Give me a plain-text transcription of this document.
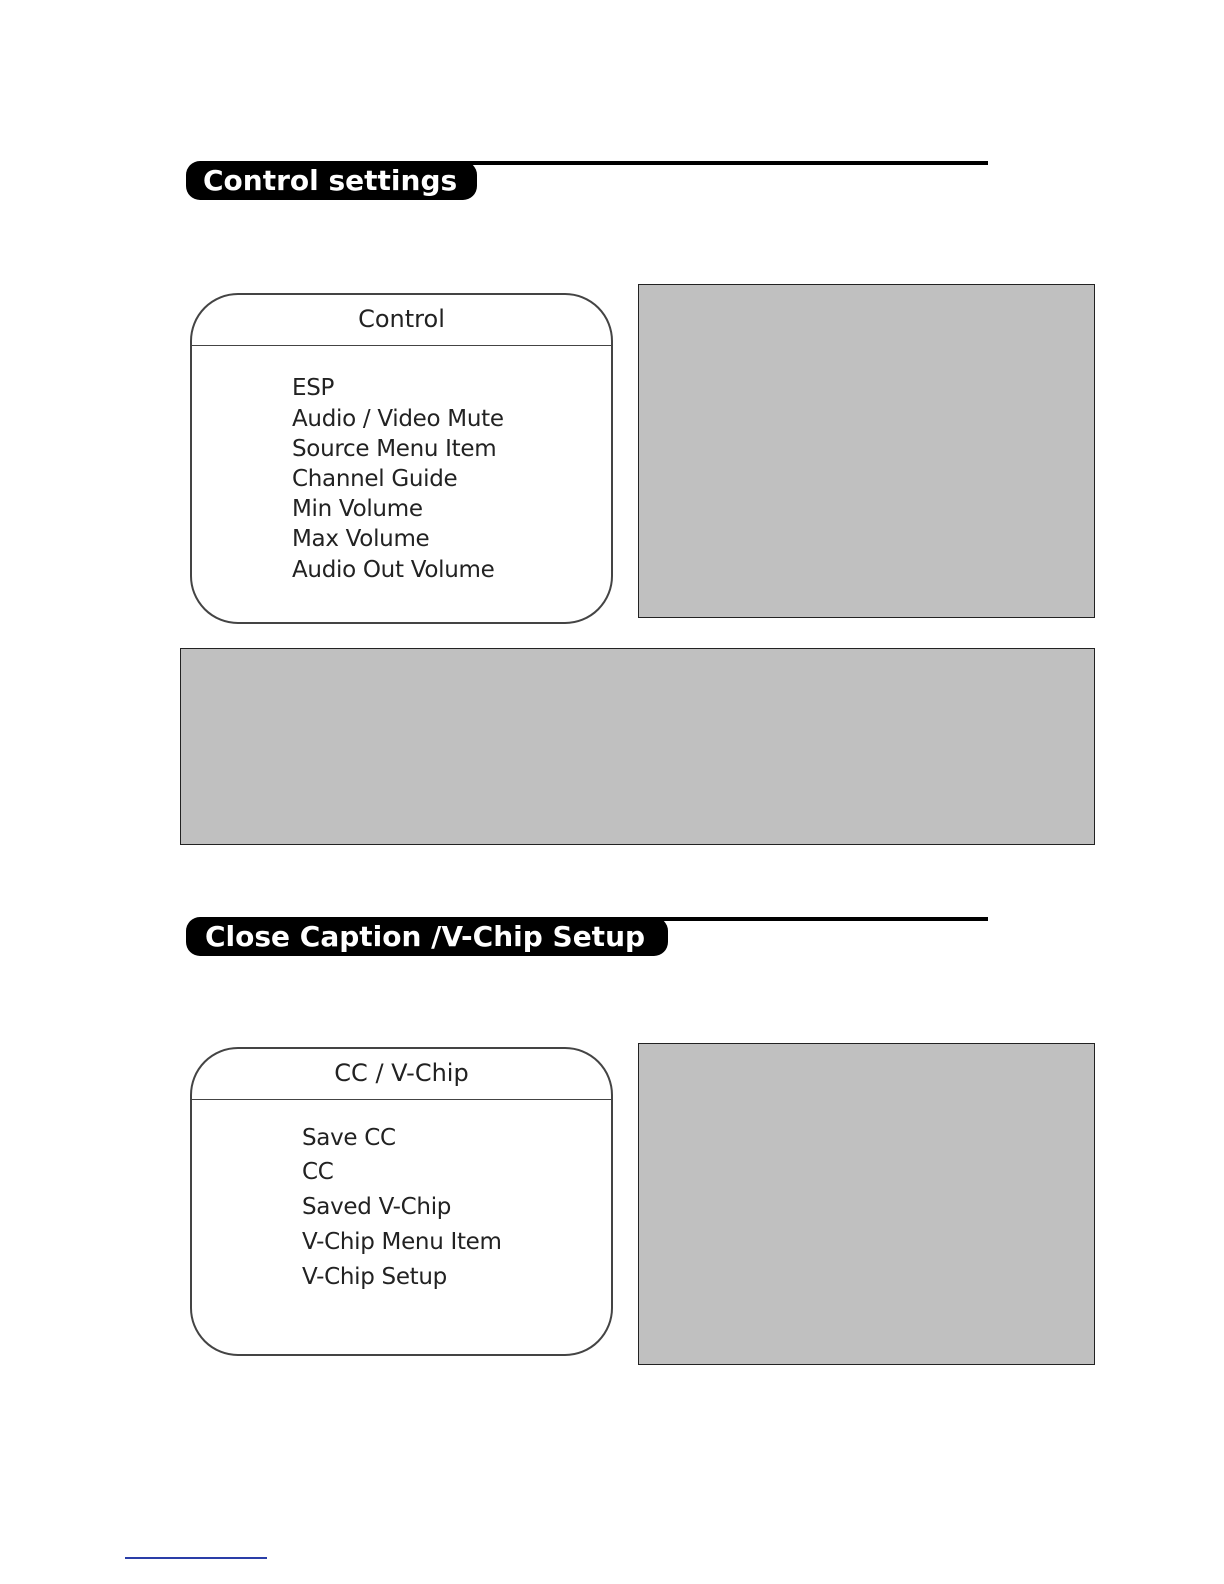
Control settings
Control
ESP
Audio / Video Mute
Source Menu Item
Channel Guide
Min Volume
Max Volume
Audio Out Volume
Close Caption /V-Chip Setup
CC / V-Chip
Save CC
CC
Saved V-Chip
V-Chip Menu Item
V-Chip Setup
